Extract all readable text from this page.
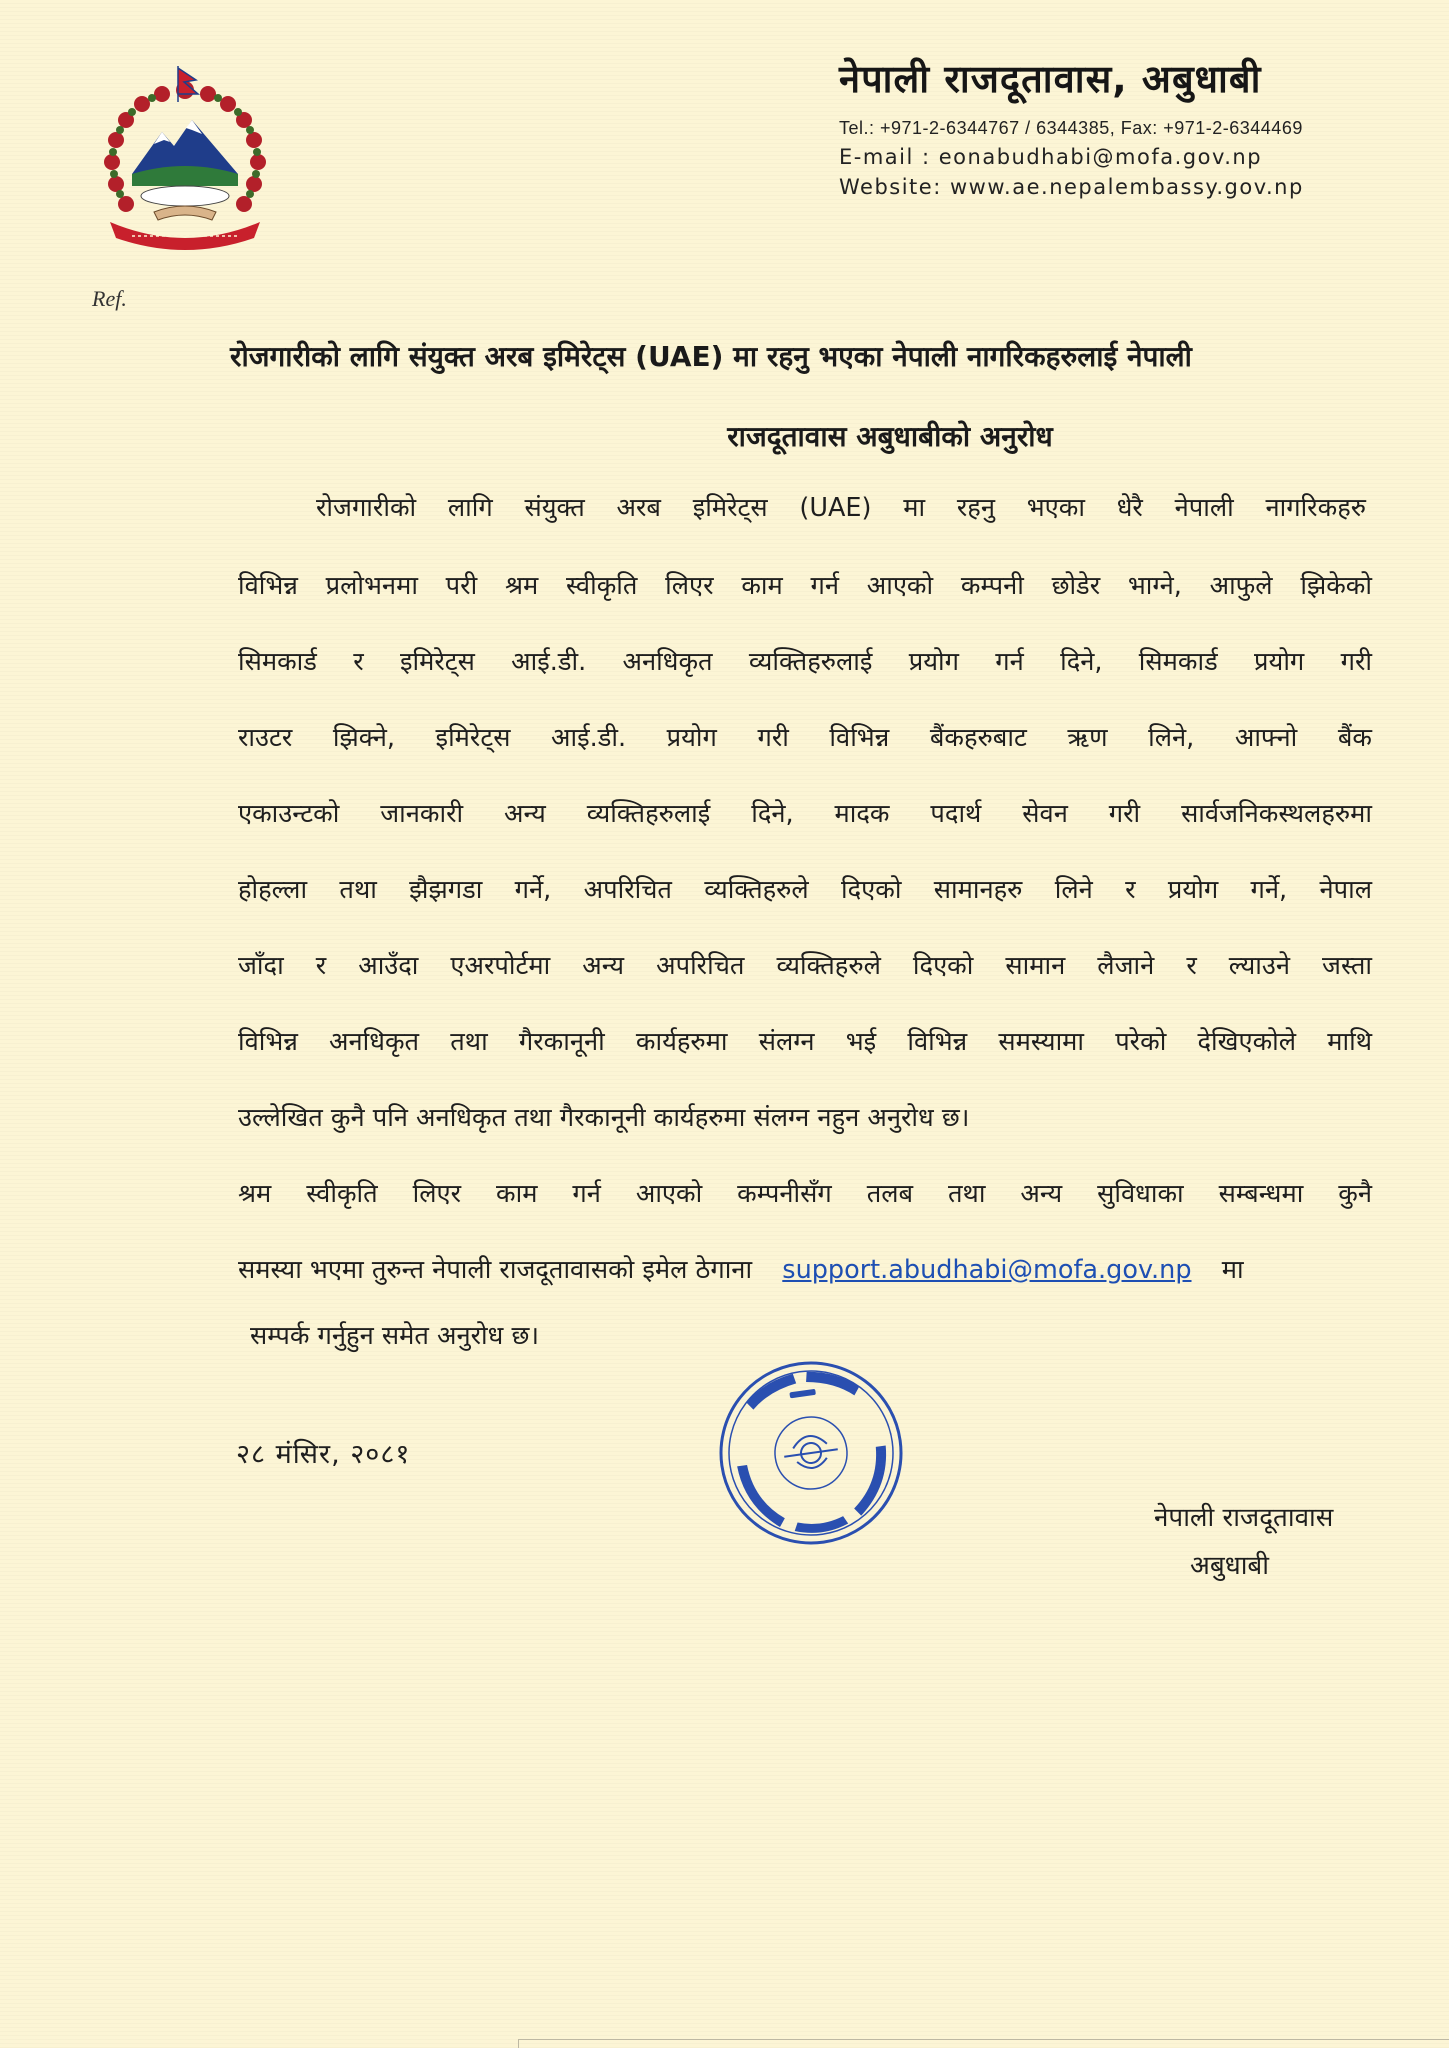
नेपाली राजदूतावास, अबुधाबी
Tel.: +971-2-6344767 / 6344385, Fax: +971-2-6344469
E-mail : eonabudhabi@mofa.gov.np
Website: www.ae.nepalembassy.gov.np
Ref.
रोजगारीको लागि संयुक्त अरब इमिरेट्स (UAE) मा रहनु भएका नेपाली नागरिकहरुलाई नेपाली
राजदूतावास अबुधाबीको अनुरोध
रोजगारीको लागि संयुक्त अरब इमिरेट्स (UAE) मा रहनु भएका धेरै नेपाली नागरिकहरु
विभिन्न प्रलोभनमा परी श्रम स्वीकृति लिएर काम गर्न आएको कम्पनी छोडेर भाग्ने, आफुले झिकेको
सिमकार्ड र इमिरेट्स आई.डी. अनधिकृत व्यक्तिहरुलाई प्रयोग गर्न दिने, सिमकार्ड प्रयोग गरी
राउटर झिक्ने, इमिरेट्स आई.डी. प्रयोग गरी विभिन्न बैंकहरुबाट ऋण लिने, आफ्नो बैंक
एकाउन्टको जानकारी अन्य व्यक्तिहरुलाई दिने, मादक पदार्थ सेवन गरी सार्वजनिकस्थलहरुमा
होहल्ला तथा झैझगडा गर्ने, अपरिचित व्यक्तिहरुले दिएको सामानहरु लिने र प्रयोग गर्ने, नेपाल
जाँदा र आउँदा एअरपोर्टमा अन्य अपरिचित व्यक्तिहरुले दिएको सामान लैजाने र ल्याउने जस्ता
विभिन्न अनधिकृत तथा गैरकानूनी कार्यहरुमा संलग्न भई विभिन्न समस्यामा परेको देखिएकोले माथि
उल्लेखित कुनै पनि अनधिकृत तथा गैरकानूनी कार्यहरुमा संलग्न नहुन अनुरोध छ।
श्रम स्वीकृति लिएर काम गर्न आएको कम्पनीसँग तलब तथा अन्य सुविधाका सम्बन्धमा कुनै
समस्या भएमा तुरुन्त नेपाली राजदूतावासको इमेल ठेगाना support.abudhabi@mofa.gov.np मा
सम्पर्क गर्नुहुन समेत अनुरोध छ।
२८ मंसिर, २०८१
नेपाली राजदूतावास
अबुधाबी
